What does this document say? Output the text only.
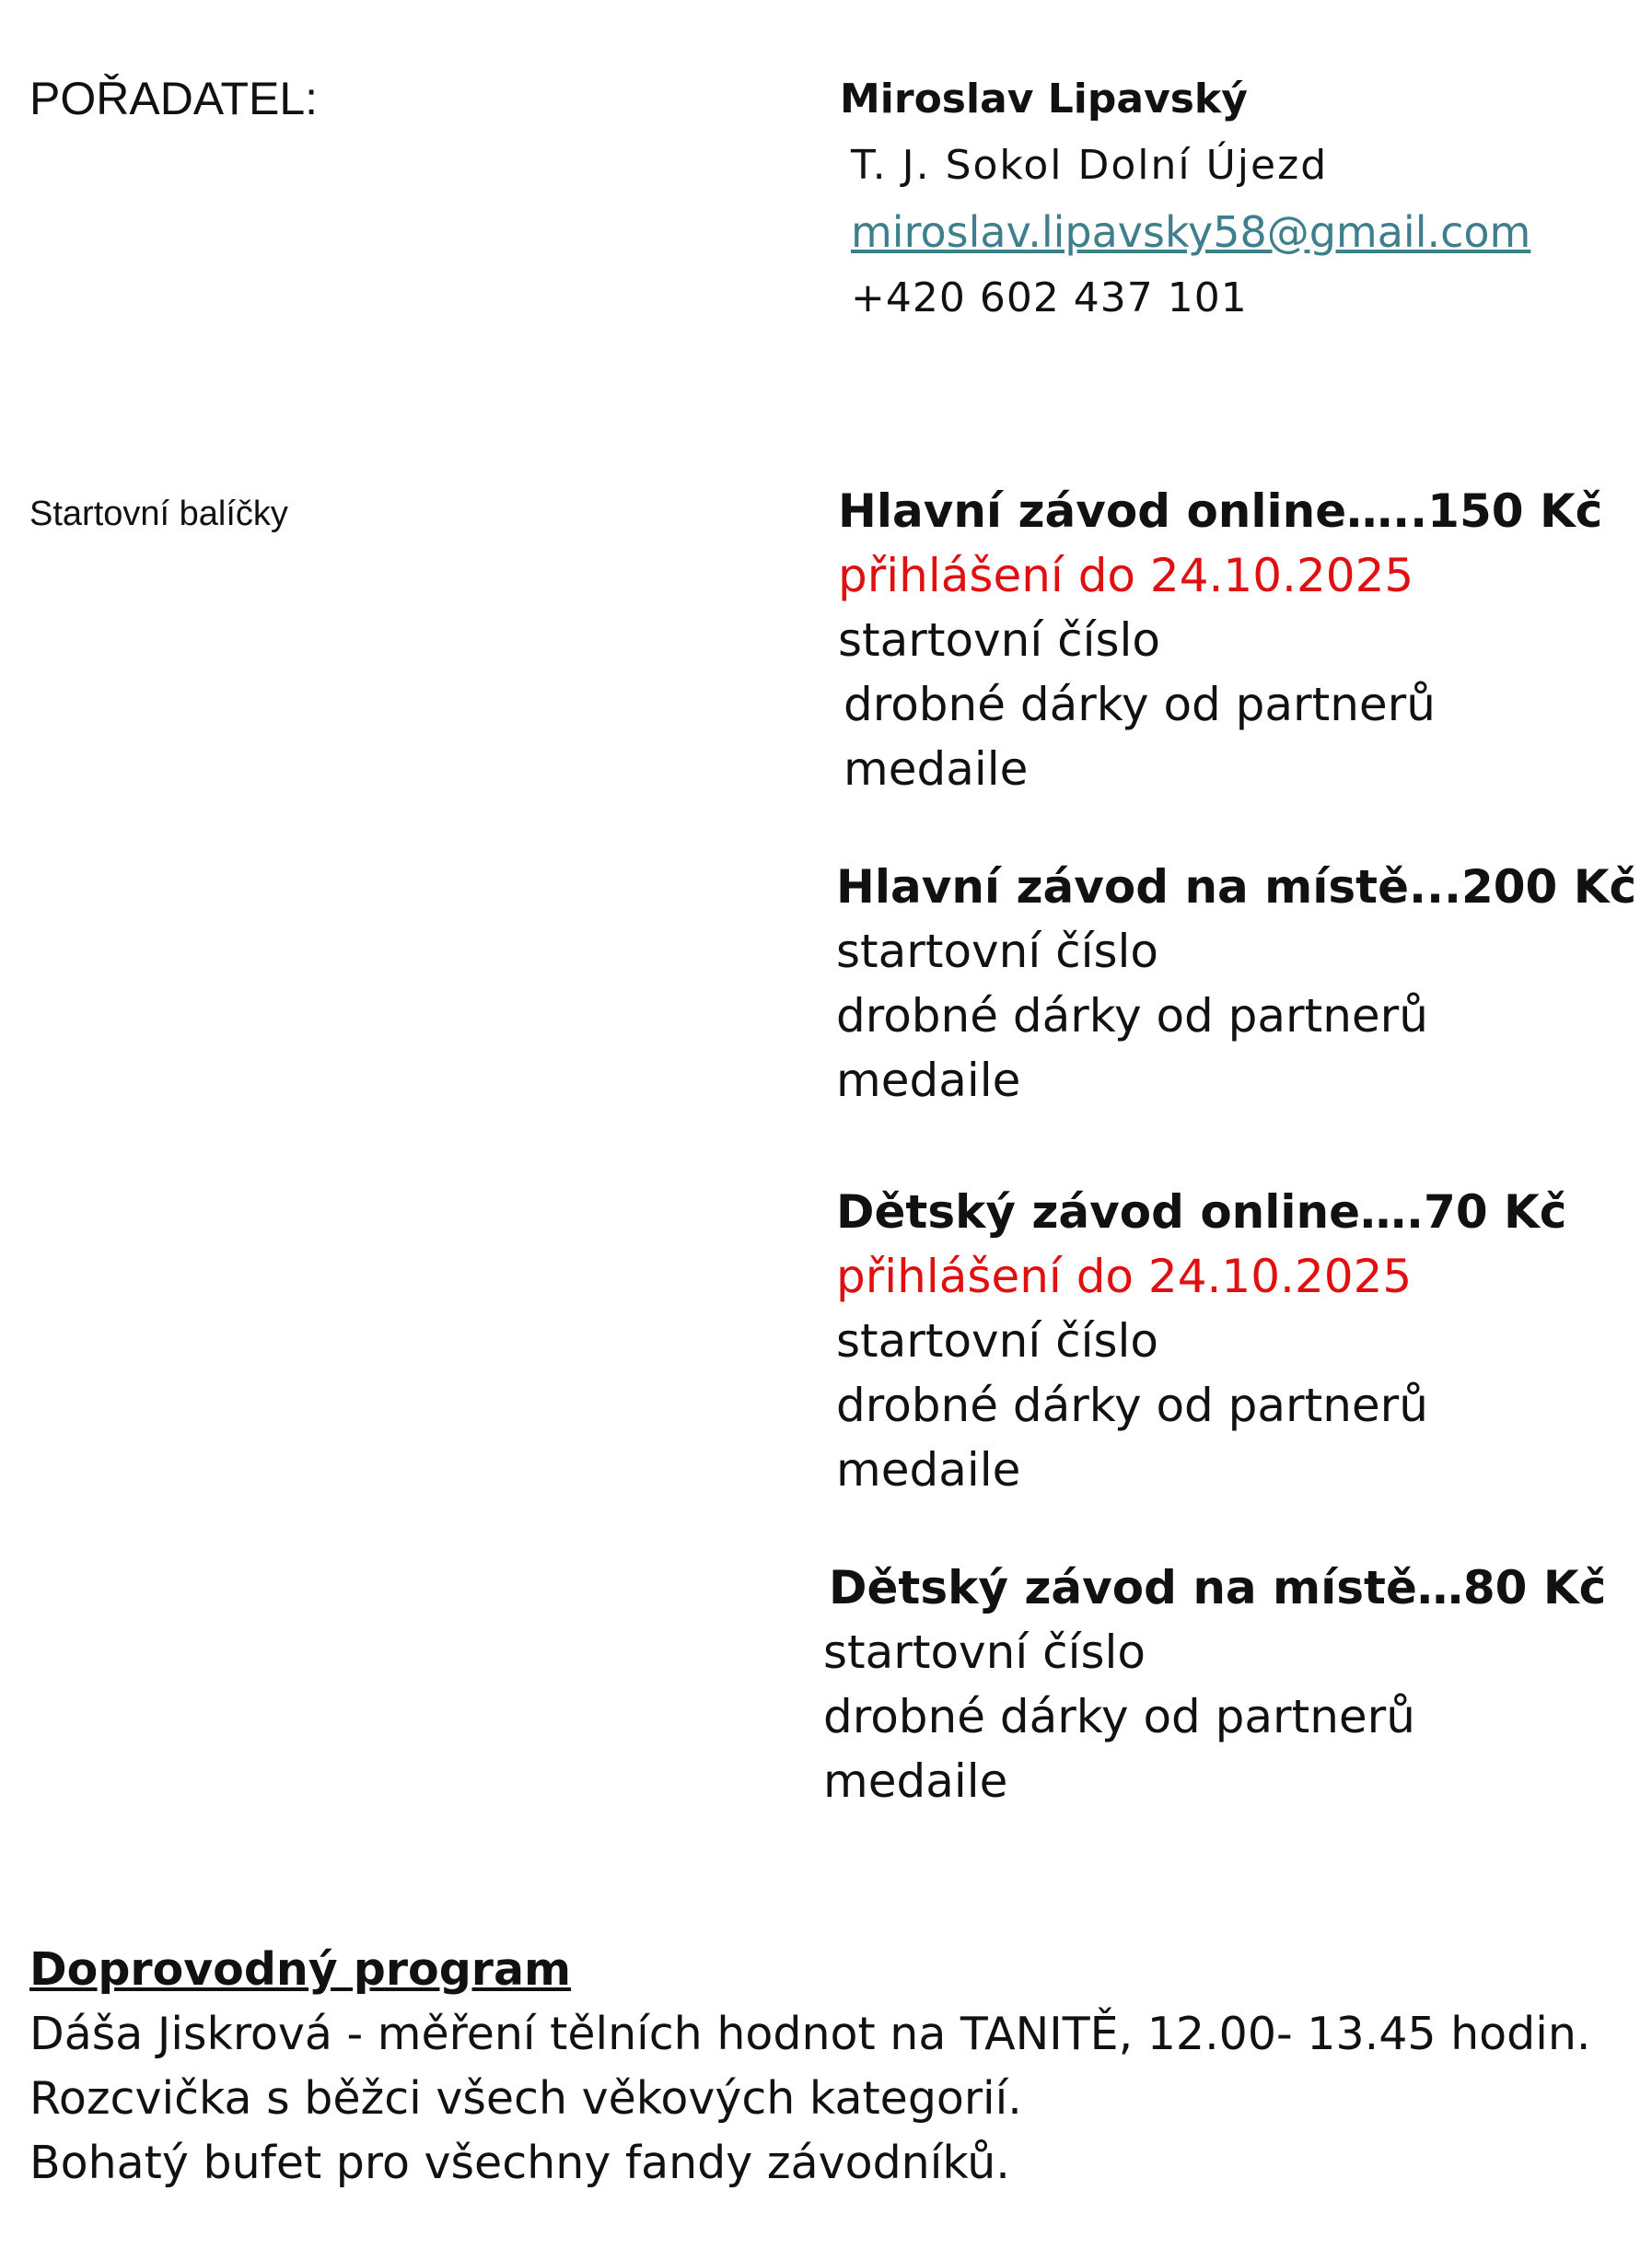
POŘADATEL:	Miroslav Lipavský
T. J. Sokol Dolní Újezd
miroslav.lipavsky58@gmail.com
+420 602 437 101
Startovní balíčky	Hlavní závod online…..150 Kč
přihlášení do 24.10.2025
startovní číslo
drobné dárky od partnerů
medaile
Hlavní závod na místě...200 Kč
startovní číslo
drobné dárky od partnerů
medaile
Dětský závod online….70 Kč
přihlášení do 24.10.2025
startovní číslo
drobné dárky od partnerů
medaile
Dětský závod na místě…80 Kč
startovní číslo
drobné dárky od partnerů
medaile
Doprovodný program
Dáša Jiskrová - měření tělních hodnot na TANITĚ, 12.00- 13.45 hodin.
Rozcvička s běžci všech věkových kategorií.
Bohatý bufet pro všechny fandy závodníků.
